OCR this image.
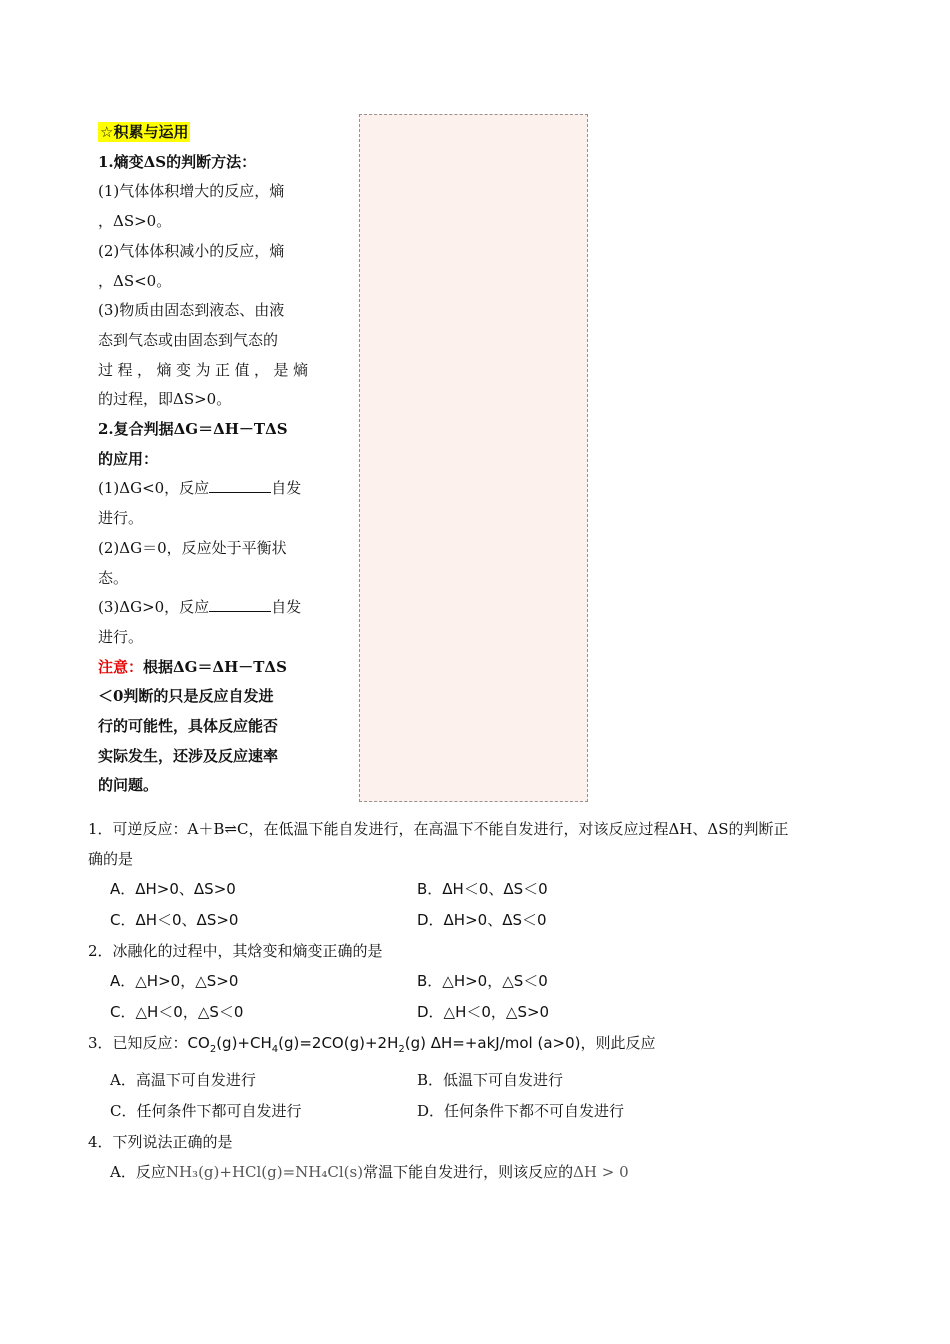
☆积累与运用
1.熵变ΔS的判断方法：
(1)气体体积增大的反应，熵
，ΔS>0。
(2)气体体积减小的反应，熵
，ΔS<0。
(3)物质由固态到液态、由液
态到气态或由固态到气态的
过程，熵变为正值，是熵
的过程，即ΔS>0。
2.复合判据ΔG＝ΔH－TΔS
的应用：
(1)ΔG<0，反应	自发
进行。
(2)ΔG＝0，反应处于平衡状
态。
(3)ΔG>0，反应	自发
进行。
注意：根据ΔG＝ΔH－TΔS
＜0判断的只是反应自发进
行的可能性，具体反应能否
实际发生，还涉及反应速率
的问题。
1．可逆反应：A＋B⇌C，在低温下能自发进行，在高温下不能自发进行，对该反应过程ΔH、ΔS的判断正
确的是
A．ΔH>0、ΔS>0	B．ΔH＜0、ΔS＜0
C．ΔH＜0、ΔS>0	D．ΔH>0、ΔS＜0
2．冰融化的过程中，其焓变和熵变正确的是
A．△H>0，△S>0	B．△H>0，△S＜0
C．△H＜0，△S＜0	D．△H＜0，△S>0
3．已知反应：$CO_2(g)+CH_4(g)=2CO(g)+2H_2(g)$ ΔH=+akJ/mol (a>0)，则此反应
A．高温下可自发进行	B．低温下可自发进行
C．任何条件下都可自发进行	D．任何条件下都不可自发进行
4．下列说法正确的是
A．反应NH₃(g)+HCl(g)=NH₄Cl(s)常温下能自发进行，则该反应的ΔH > 0
